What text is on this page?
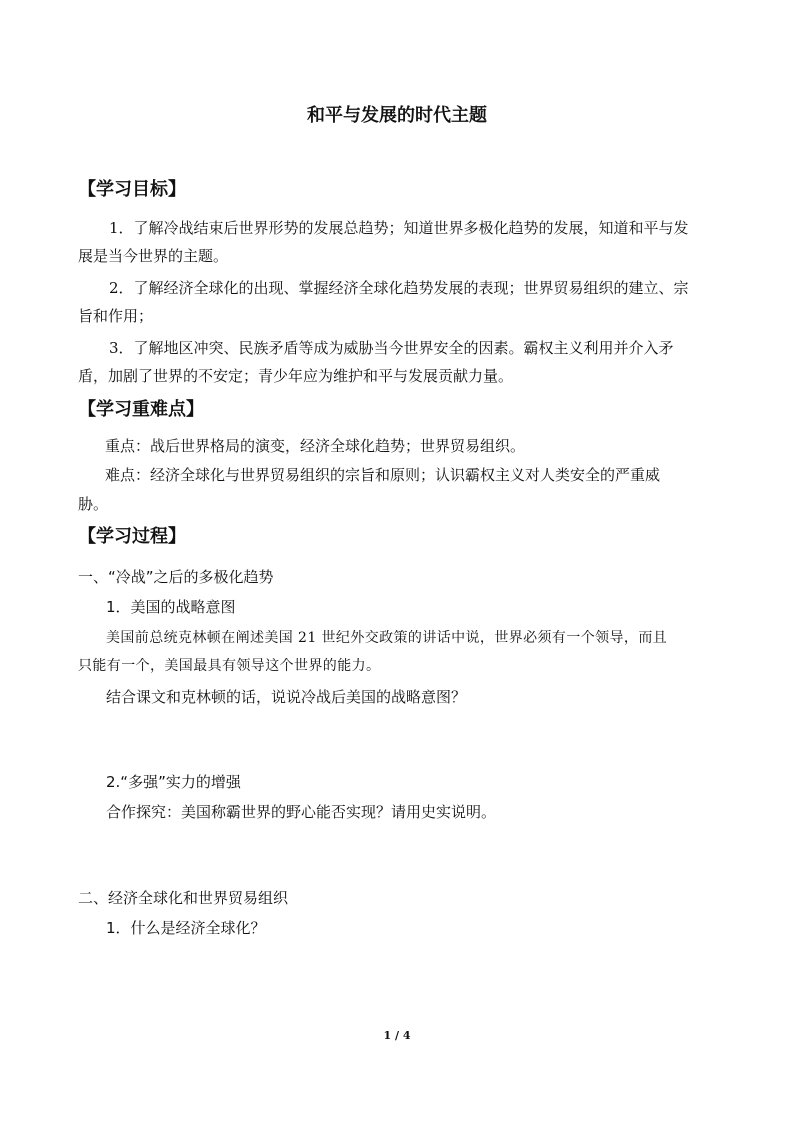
和平与发展的时代主题
【学习目标】
1．了解冷战结束后世界形势的发展总趋势；知道世界多极化趋势的发展，知道和平与发
展是当今世界的主题。
2．了解经济全球化的出现、掌握经济全球化趋势发展的表现；世界贸易组织的建立、宗
旨和作用；
3．了解地区冲突、民族矛盾等成为威胁当今世界安全的因素。霸权主义利用并介入矛
盾，加剧了世界的不安定；青少年应为维护和平与发展贡献力量。
【学习重难点】
重点：战后世界格局的演变，经济全球化趋势；世界贸易组织。
难点：经济全球化与世界贸易组织的宗旨和原则；认识霸权主义对人类安全的严重威
胁。
【学习过程】
一、“冷战”之后的多极化趋势
1．美国的战略意图
美国前总统克林顿在阐述美国 21 世纪外交政策的讲话中说，世界必须有一个领导，而且
只能有一个，美国最具有领导这个世界的能力。
结合课文和克林顿的话，说说冷战后美国的战略意图？
2.“多强”实力的增强
合作探究：美国称霸世界的野心能否实现？请用史实说明。
二、经济全球化和世界贸易组织
1．什么是经济全球化？
1 / 4
